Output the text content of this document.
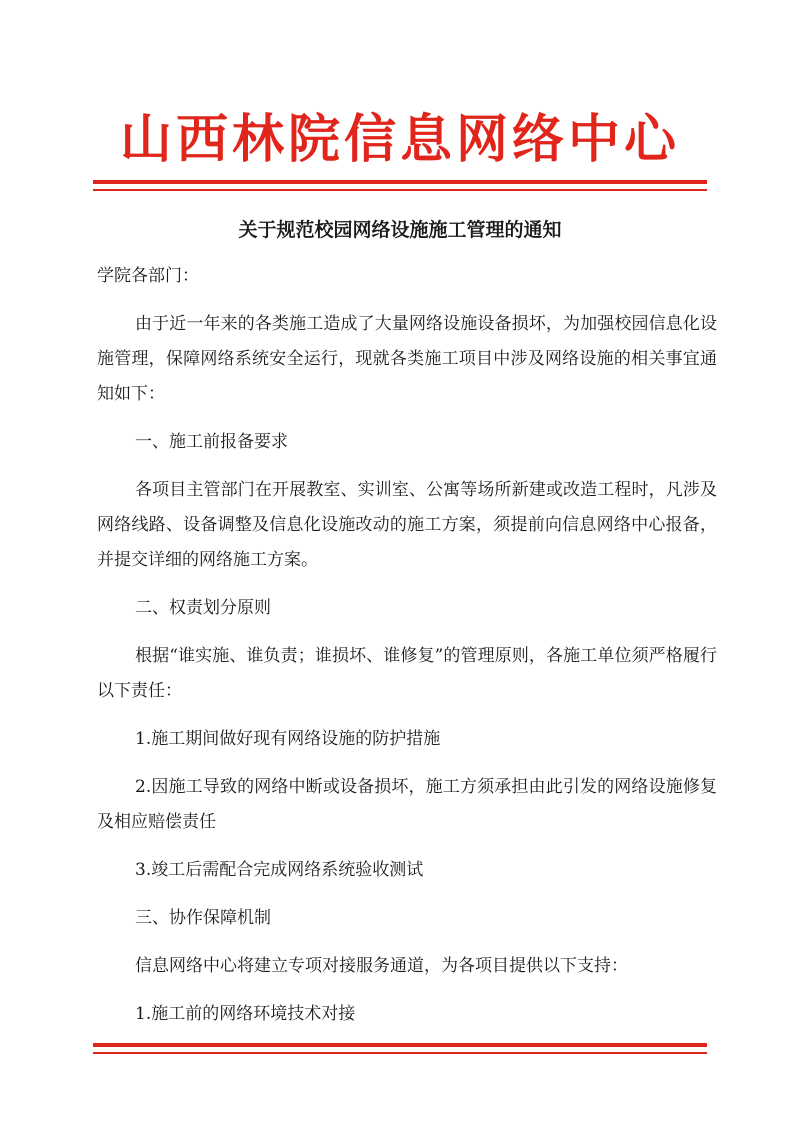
山西林院信息网络中心
关于规范校园网络设施施工管理的通知

学院各部门：

由于近一年来的各类施工造成了大量网络设施设备损坏，为加强校园信息化设施管理，保障网络系统安全运行，现就各类施工项目中涉及网络设施的相关事宜通知如下：

一、施工前报备要求

各项目主管部门在开展教室、实训室、公寓等场所新建或改造工程时，凡涉及网络线路、设备调整及信息化设施改动的施工方案，须提前向信息网络中心报备，并提交详细的网络施工方案。

二、权责划分原则

根据“谁实施、谁负责；谁损坏、谁修复”的管理原则，各施工单位须严格履行以下责任：

1.施工期间做好现有网络设施的防护措施

2.因施工导致的网络中断或设备损坏，施工方须承担由此引发的网络设施修复及相应赔偿责任

3.竣工后需配合完成网络系统验收测试

三、协作保障机制

信息网络中心将建立专项对接服务通道，为各项目提供以下支持：

1.施工前的网络环境技术对接
